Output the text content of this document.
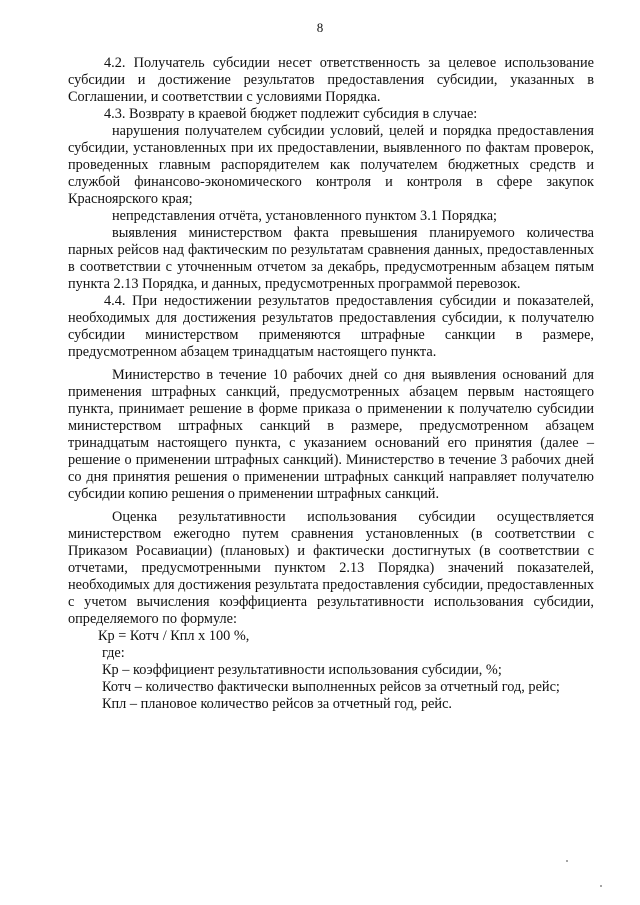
8

4.2. Получатель субсидии несет ответственность за целевое использование субсидии и достижение результатов предоставления субсидии, указанных в Соглашении, и соответствии с условиями Порядка.

4.3. Возврату в краевой бюджет подлежит субсидия в случае:

нарушения получателем субсидии условий, целей и порядка предоставления субсидии, установленных при их предоставлении, выявленного по фактам проверок, проведенных главным распорядителем как получателем бюджетных средств и службой финансово-экономического контроля и контроля в сфере закупок Красноярского края;

непредставления отчёта, установленного пунктом 3.1 Порядка;

выявления министерством факта превышения планируемого количества парных рейсов над фактическим по результатам сравнения данных, предоставленных в соответствии с уточненным отчетом за декабрь, предусмотренным абзацем пятым пункта 2.13 Порядка, и данных, предусмотренных программой перевозок.

4.4. При недостижении результатов предоставления субсидии и показателей, необходимых для достижения результатов предоставления субсидии, к получателю субсидии министерством применяются штрафные санкции в размере, предусмотренном абзацем тринадцатым настоящего пункта.

Министерство в течение 10 рабочих дней со дня выявления оснований для применения штрафных санкций, предусмотренных абзацем первым настоящего пункта, принимает решение в форме приказа о применении к получателю субсидии министерством штрафных санкций в размере, предусмотренном абзацем тринадцатым настоящего пункта, с указанием оснований его принятия (далее – решение о применении штрафных санкций). Министерство в течение 3 рабочих дней со дня принятия решения о применении штрафных санкций направляет получателю субсидии копию решения о применении штрафных санкций.

Оценка результативности использования субсидии осуществляется министерством ежегодно путем сравнения установленных (в соответствии с Приказом Росавиации) (плановых) и фактически достигнутых (в соответствии с отчетами, предусмотренными пунктом 2.13 Порядка) значений показателей, необходимых для достижения результата предоставления субсидии, предоставленных с учетом вычисления коэффициента результативности использования субсидии, определяемого по формуле:

Кр = Котч / Кпл х 100 %,

где:

Кр – коэффициент результативности использования субсидии, %;

Котч – количество фактически выполненных рейсов за отчетный год, рейс;

Кпл – плановое количество рейсов за отчетный год, рейс.
